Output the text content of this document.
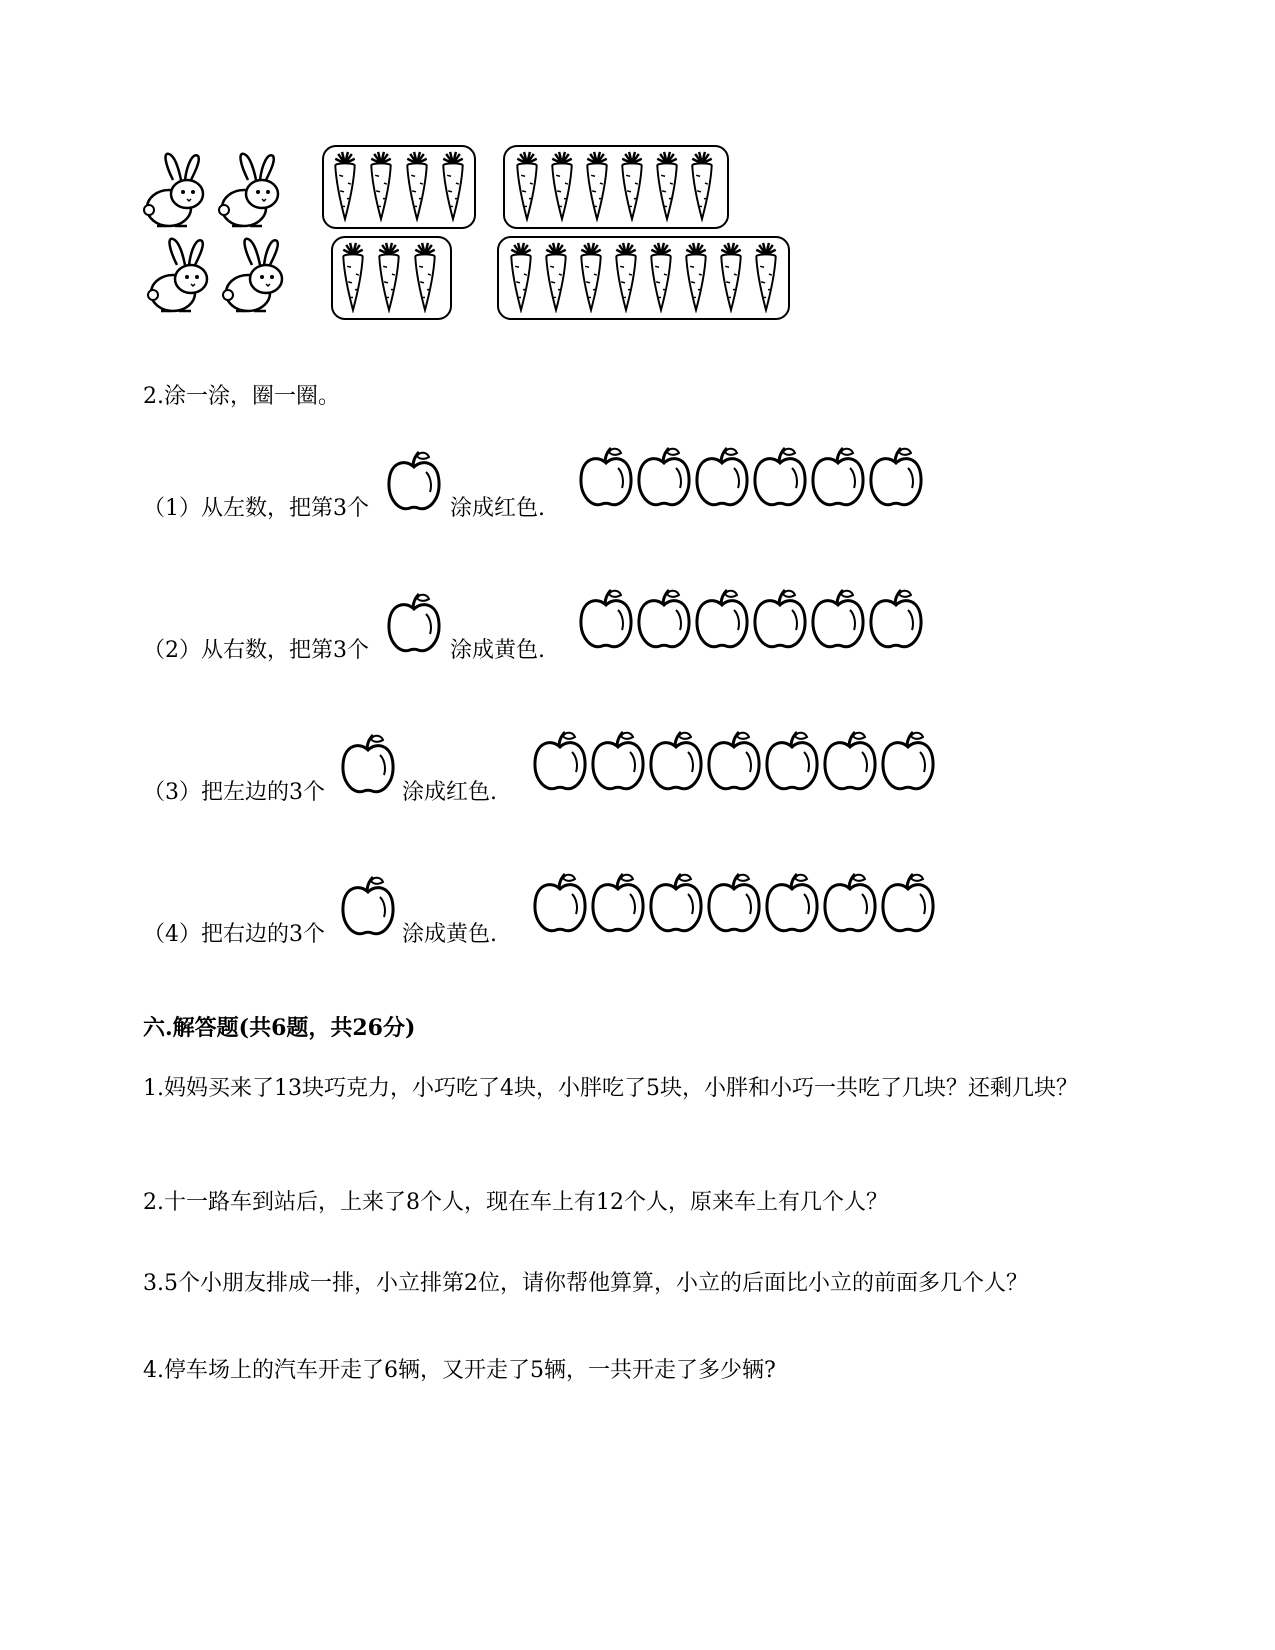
2.涂一涂，圈一圈。
（1）从左数，把第3个	涂成红色.
（2）从右数，把第3个	涂成黄色.
（3）把左边的3个	涂成红色.
（4）把右边的3个	涂成黄色.
六.解答题(共6题，共26分)
1.妈妈买来了13块巧克力，小巧吃了4块，小胖吃了5块，小胖和小巧一共吃了几块？还剩几块？
2.十一路车到站后，上来了8个人，现在车上有12个人，原来车上有几个人？
3.5个小朋友排成一排，小立排第2位，请你帮他算算，小立的后面比小立的前面多几个人？
4.停车场上的汽车开走了6辆，又开走了5辆，一共开走了多少辆?
